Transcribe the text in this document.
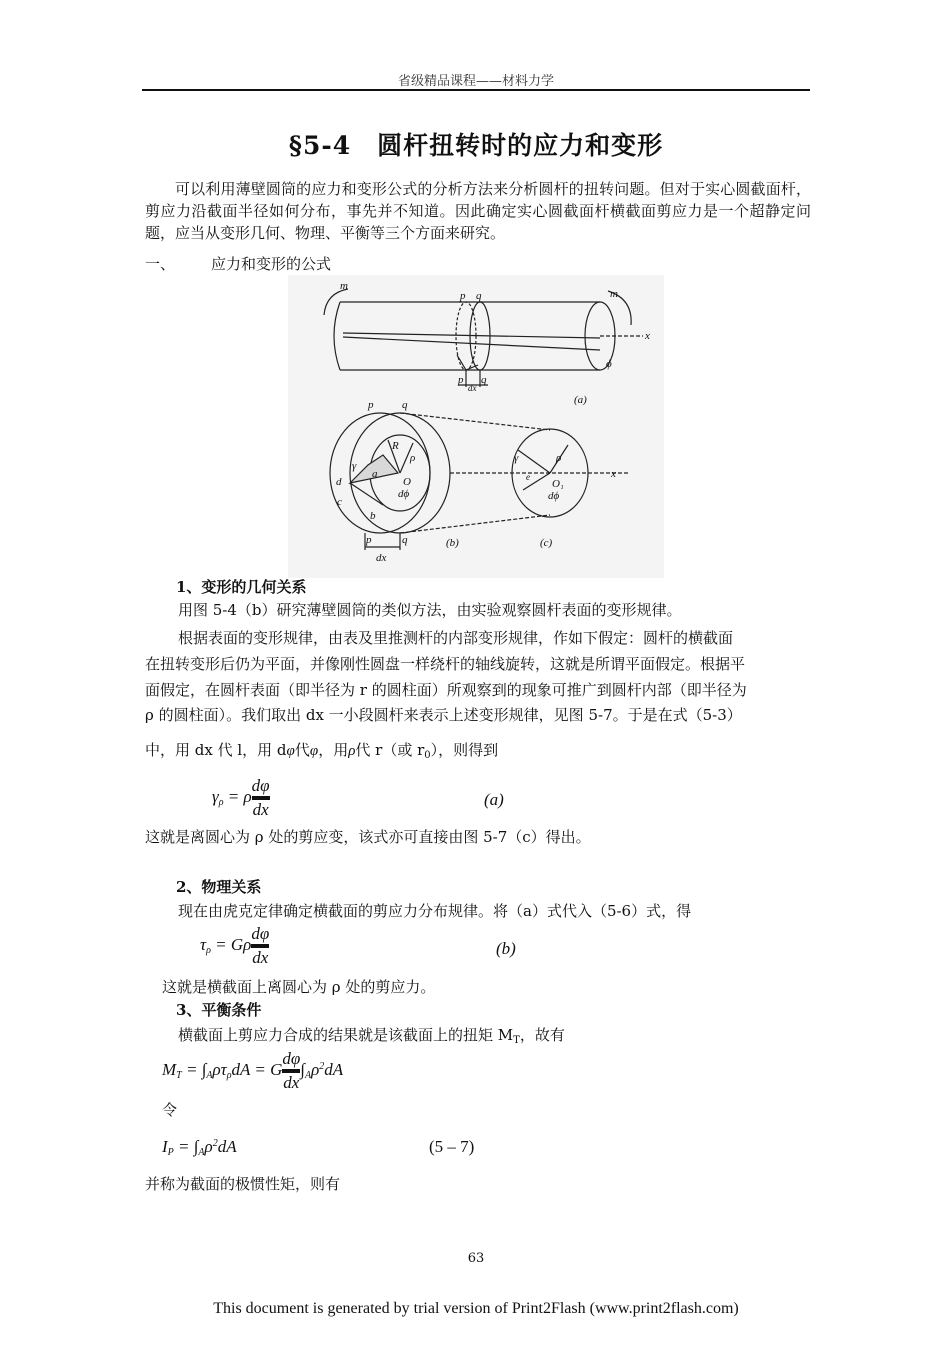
省级精品课程——材料力学
§5-4　圆杆扭转时的应力和变形
可以利用薄壁圆筒的应力和变形公式的分析方法来分析圆杆的扭转问题。但对于实心圆截面杆，剪应力沿截面半径如何分布，事先并不知道。因此确定实心圆截面杆横截面剪应力是一个超静定问题，应当从变形几何、物理、平衡等三个方面来研究。
一、 应力和变形的公式
m
m
p q
x
ϕ
p q
dx
(a)
p	q
R
ρ
O
dϕ
γ
d
c
b
a
p	q
dx
(b)
γ	ρ
O₁
dϕ
e	x
(c)
1、变形的几何关系
用图 5-4（b）研究薄壁圆筒的类似方法，由实验观察圆杆表面的变形规律。
根据表面的变形规律，由表及里推测杆的内部变形规律，作如下假定：圆杆的横截面
在扭转变形后仍为平面，并像刚性圆盘一样绕杆的轴线旋转，这就是所谓平面假定。根据平
面假定，在圆杆表面（即半径为 r 的圆柱面）所观察到的现象可推广到圆杆内部（即半径为
ρ 的圆柱面）。我们取出 dx 一小段圆杆来表示上述变形规律，见图 5-7。于是在式（5-3）
中，用 dx 代 l，用 dφ代φ，用ρ代 r（或 $r_0$），则得到
$\gamma_\rho = \rho \frac{d\varphi}{dx}$	(a)
这就是离圆心为 ρ 处的剪应变，该式亦可直接由图 5-7（c）得出。
2、物理关系
现在由虎克定律确定横截面的剪应力分布规律。将（a）式代入（5-6）式，得
$\tau_\rho = G\rho \frac{d\varphi}{dx}$	(b)
这就是横截面上离圆心为 ρ 处的剪应力。
3、平衡条件
横截面上剪应力合成的结果就是该截面上的扭矩 $M_T$，故有
$M_T = \int_A\rho\tau_\rho dA = G \frac{d\varphi}{dx} \int_A\rho^2dA$
令
$I_P = \int_A\rho^2dA$	(5 – 7)
并称为截面的极惯性矩，则有
63
This document is generated by trial version of Print2Flash (www.print2flash.com)
